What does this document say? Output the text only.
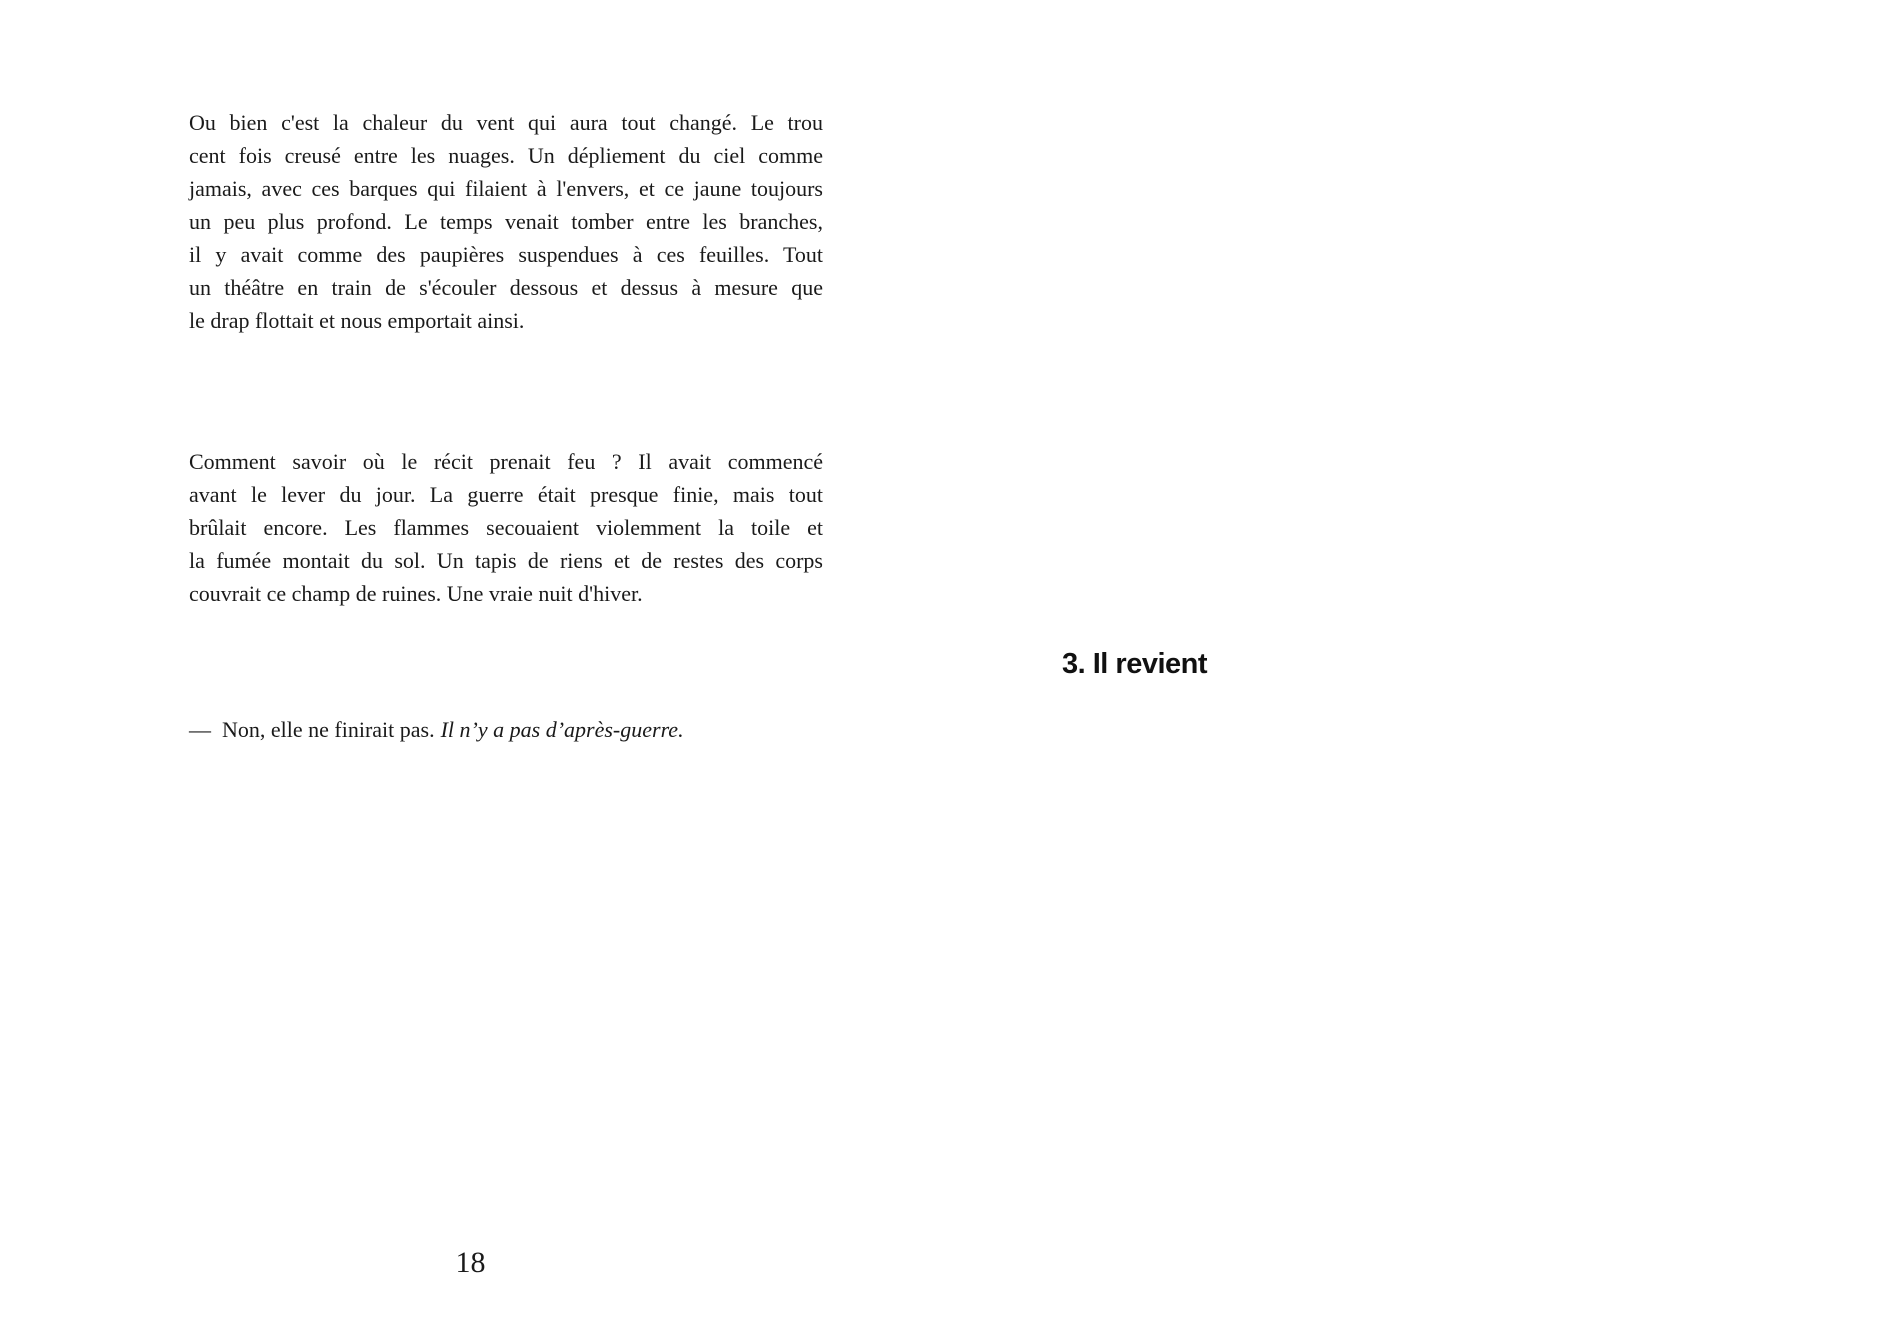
Ou bien c'est la chaleur du vent qui aura tout changé. Le trou
cent fois creusé entre les nuages. Un dépliement du ciel comme
jamais, avec ces barques qui filaient à l'envers, et ce jaune toujours
un peu plus profond. Le temps venait tomber entre les branches,
il y avait comme des paupières suspendues à ces feuilles. Tout
un théâtre en train de s'écouler dessous et dessus à mesure que
le drap flottait et nous emportait ainsi.
Comment savoir où le récit prenait feu ? Il avait commencé
avant le lever du jour. La guerre était presque finie, mais tout
brûlait encore. Les flammes secouaient violemment la toile et
la fumée montait du sol. Un tapis de riens et de restes des corps
couvrait ce champ de ruines. Une vraie nuit d'hiver.
— Non, elle ne finirait pas. Il n’y a pas d’après-guerre.
3. Il revient
18
